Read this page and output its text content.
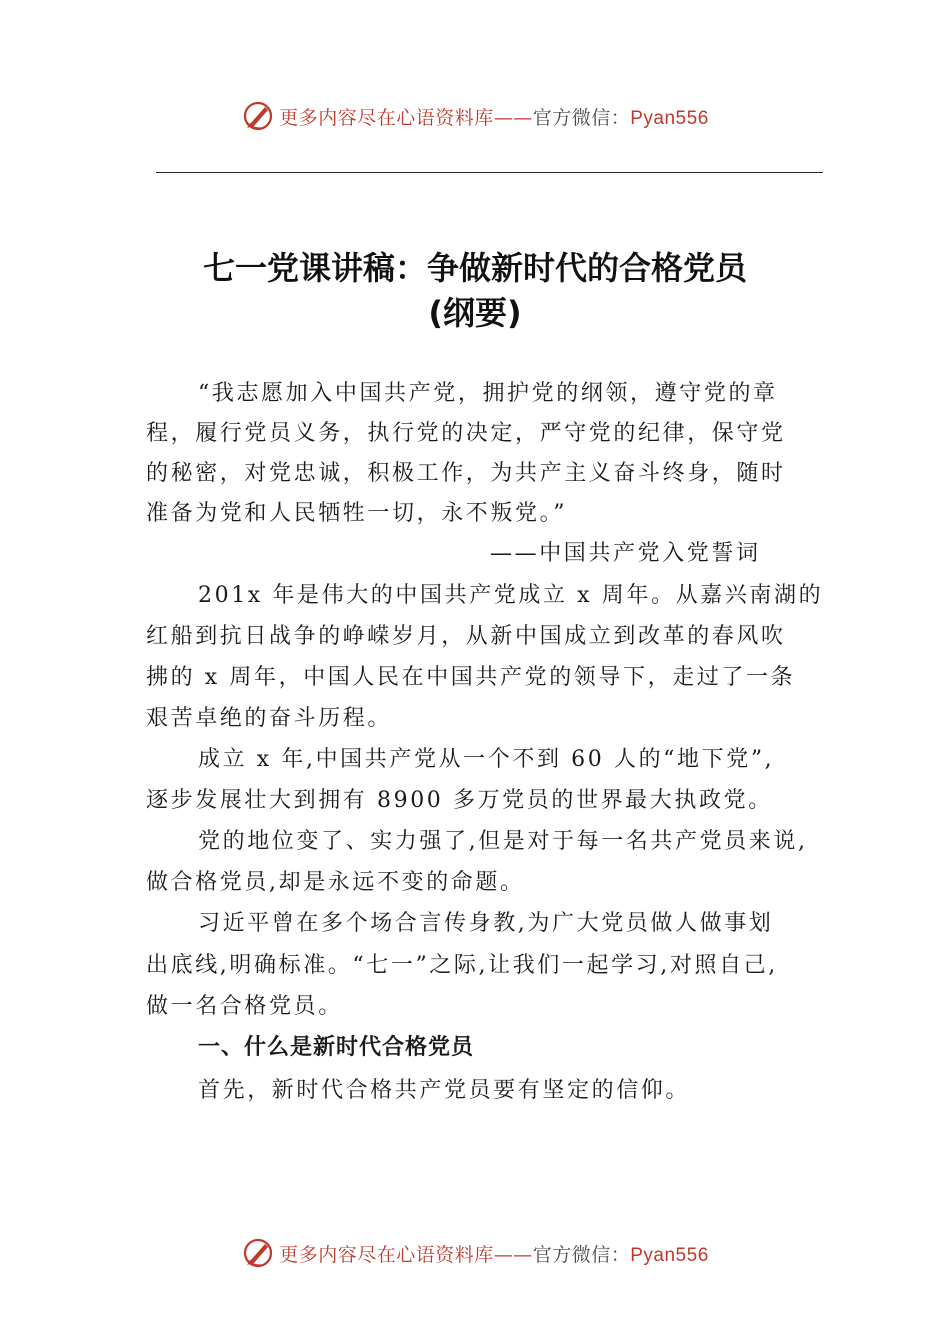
更多内容尽在心语资料库——官方微信：Pyan556
七一党课讲稿：争做新时代的合格党员
(纲要)
“我志愿加入中国共产党，拥护党的纲领，遵守党的章
程，履行党员义务，执行党的决定，严守党的纪律，保守党
的秘密，对党忠诚，积极工作，为共产主义奋斗终身，随时
准备为党和人民牺牲一切，永不叛党。”
——中国共产党入党誓词
201x 年是伟大的中国共产党成立 x 周年。从嘉兴南湖的
红船到抗日战争的峥嵘岁月，从新中国成立到改革的春风吹
拂的 x 周年，中国人民在中国共产党的领导下，走过了一条
艰苦卓绝的奋斗历程。
成立 x 年,中国共产党从一个不到 60 人的“地下党”,
逐步发展壮大到拥有 8900 多万党员的世界最大执政党。
党的地位变了、实力强了,但是对于每一名共产党员来说,
做合格党员,却是永远不变的命题。
习近平曾在多个场合言传身教,为广大党员做人做事划
出底线,明确标准。“七一”之际,让我们一起学习,对照自己,
做一名合格党员。
一、什么是新时代合格党员
首先，新时代合格共产党员要有坚定的信仰。
更多内容尽在心语资料库——官方微信：Pyan556
